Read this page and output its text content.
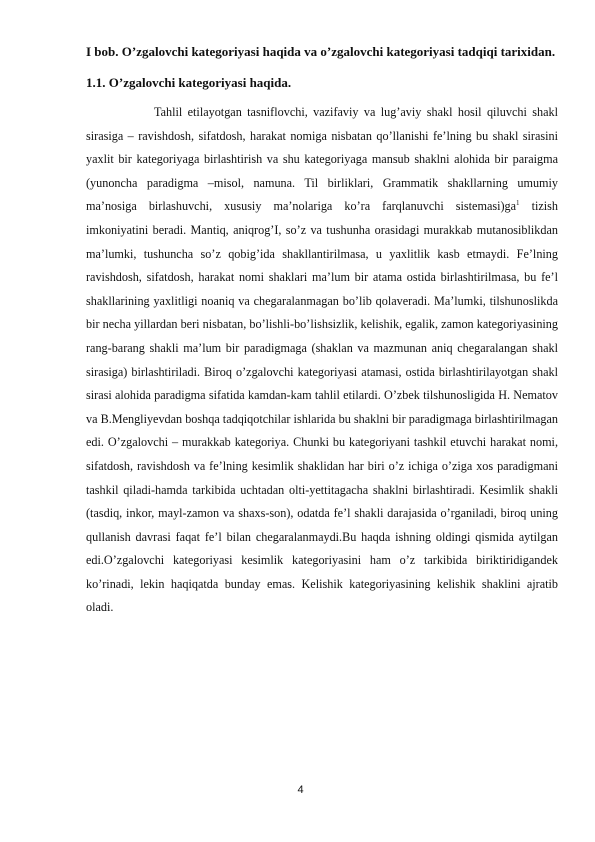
I bob. O’zgalovchi kategoriyasi haqida va o’zgalovchi kategoriyasi tadqiqi tarixidan.

1.1. O’zgalovchi kategoriyasi haqida.

Tahlil etilayotgan tasniflovchi, vazifaviy va lug’aviy shakl hosil qiluvchi shakl sirasiga – ravishdosh, sifatdosh, harakat nomiga nisbatan qo’llanishi fe’lning bu shakl sirasini yaxlit bir kategoriyaga birlashtirish va shu kategoriyaga mansub shaklni alohida bir paraigma (yunoncha paradigma –misol, namuna. Til birliklari, Grammatik shakllarning umumiy ma’nosiga birlashuvchi, xususiy ma’nolariga ko’ra farqlanuvchi $sistemasi)ga^1$ tizish imkoniyatini beradi. Mantiq, aniqrog’I, so’z va tushunha orasidagi murakkab mutanosiblikdan ma’lumki, tushuncha so’z qobig’ida shakllantirilmasa, u yaxlitlik kasb etmaydi. Fe’lning ravishdosh, sifatdosh, harakat nomi shaklari ma’lum bir atama ostida birlashtirilmasa, bu fe’l shakllarining yaxlitligi noaniq va chegaralanmagan bo’lib qolaveradi. Ma’lumki, tilshunoslikda bir necha yillardan beri nisbatan, bo’lishli-bo’lishsizlik, kelishik, egalik, zamon kategoriyasining rang-barang shakli ma’lum bir paradigmaga (shaklan va mazmunan aniq chegaralangan shakl sirasiga) birlashtiriladi. Biroq o’zgalovchi kategoriyasi atamasi, ostida birlashtirilayotgan shakl sirasi alohida paradigma sifatida kamdan-kam tahlil etilardi. O’zbek tilshunosligida H. Nematov va B.Mengliyevdan boshqa tadqiqotchilar ishlarida bu shaklni bir paradigmaga birlashtirilmagan edi. O’zgalovchi – murakkab kategoriya. Chunki bu kategoriyani tashkil etuvchi harakat nomi, sifatdosh, ravishdosh va fe’lning kesimlik shaklidan har biri o’z ichiga o’ziga xos paradigmani tashkil qiladi-hamda tarkibida uchtadan olti-yettitagacha shaklni birlashtiradi. Kesimlik shakli (tasdiq, inkor, mayl-zamon va shaxs-son), odatda fe’l shakli darajasida o’rganiladi, biroq uning qullanish davrasi faqat fe’l bilan chegaralanmaydi.Bu haqda ishning oldingi qismida aytilgan edi.O’zgalovchi kategoriyasi kesimlik kategoriyasini ham o’z tarkibida biriktiridigandek ko’rinadi, lekin haqiqatda bunday emas. Kelishik kategoriyasining kelishik shaklini ajratib oladi.

4
